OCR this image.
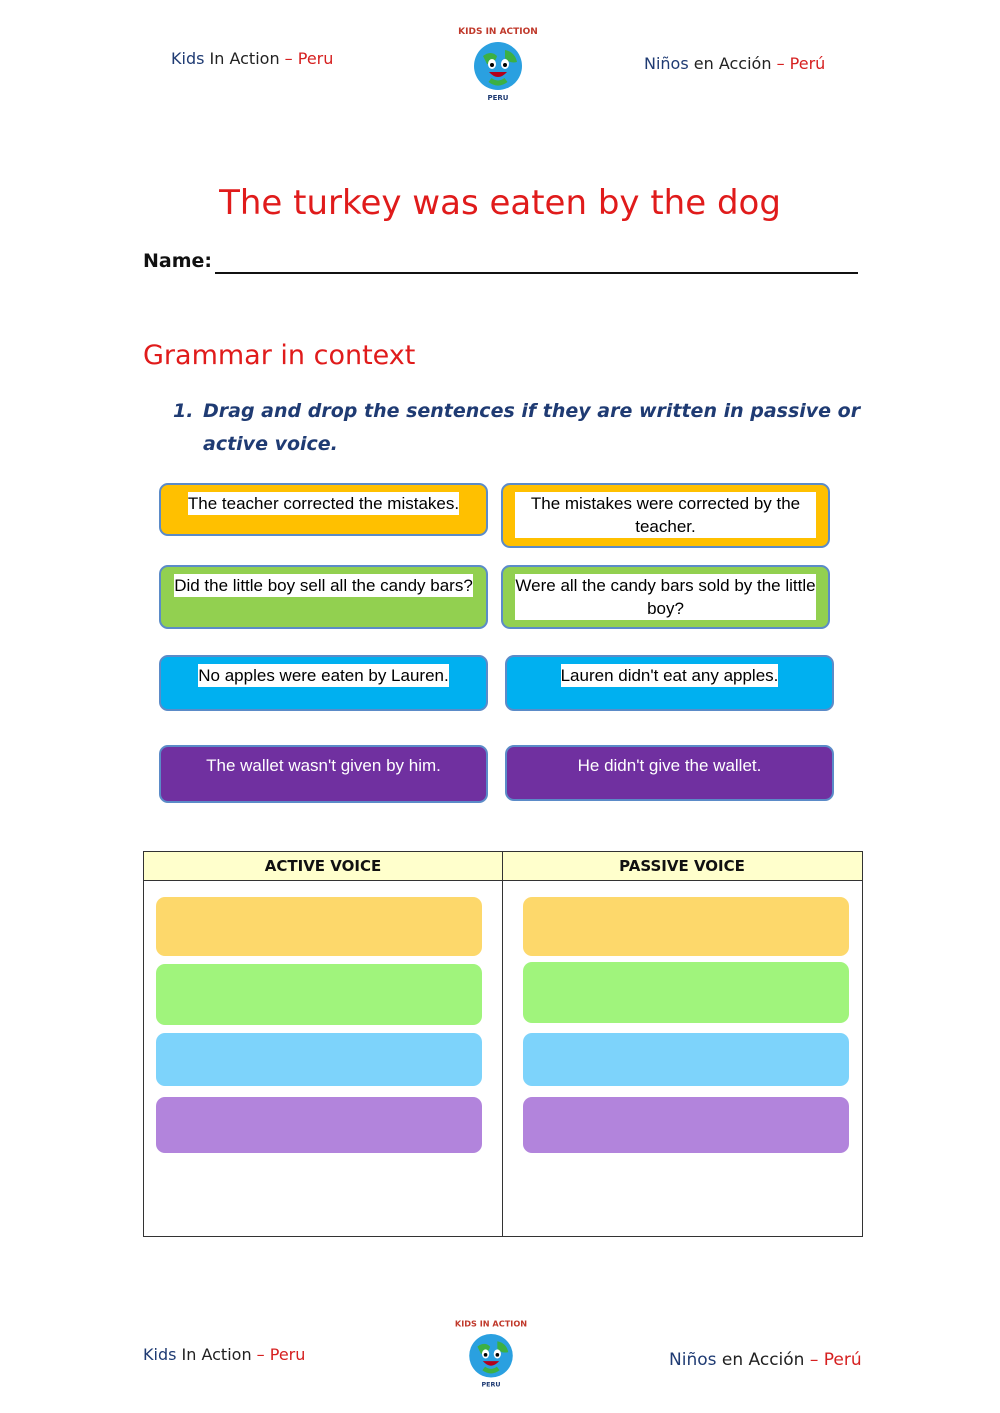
Kids In Action – Peru
KIDS IN ACTION
PERU
Niños en Acción – Perú
The turkey was eaten by the dog
Name:
Grammar in context
1. Drag and drop the sentences if they are written in passive or active voice.
The teacher corrected the mistakes.	The mistakes were corrected by the teacher.
Did the little boy sell all the candy bars?	Were all the candy bars sold by the little boy?
No apples were eaten by Lauren.	Lauren didn't eat any apples.
The wallet wasn't given by him.	He didn't give the wallet.
ACTIVE VOICE	PASSIVE VOICE
Kids In Action – Peru
KIDS IN ACTION
PERU
Niños en Acción – Perú
